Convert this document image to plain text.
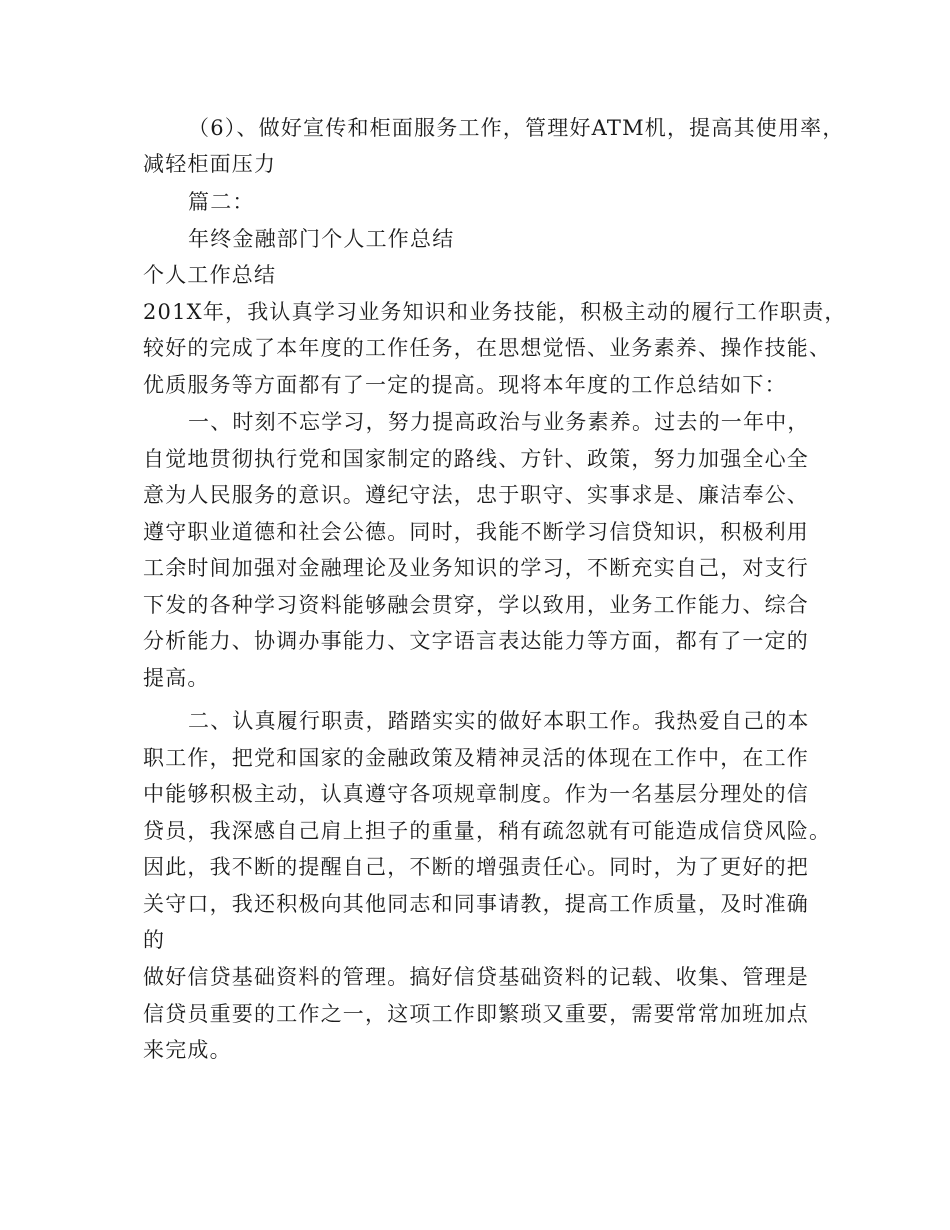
（6）、做好宣传和柜面服务工作，管理好ATM机，提高其使用率，
减轻柜面压力
篇二：
年终金融部门个人工作总结
个人工作总结
201X年，我认真学习业务知识和业务技能，积极主动的履行工作职责，
较好的完成了本年度的工作任务，在思想觉悟、业务素养、操作技能、
优质服务等方面都有了一定的提高。现将本年度的工作总结如下：
一、时刻不忘学习，努力提高政治与业务素养。过去的一年中，
自觉地贯彻执行党和国家制定的路线、方针、政策，努力加强全心全
意为人民服务的意识。遵纪守法，忠于职守、实事求是、廉洁奉公、
遵守职业道德和社会公德。同时，我能不断学习信贷知识，积极利用
工余时间加强对金融理论及业务知识的学习，不断充实自己，对支行
下发的各种学习资料能够融会贯穿，学以致用，业务工作能力、综合
分析能力、协调办事能力、文字语言表达能力等方面，都有了一定的
提高。
二、认真履行职责，踏踏实实的做好本职工作。我热爱自己的本
职工作，把党和国家的金融政策及精神灵活的体现在工作中，在工作
中能够积极主动，认真遵守各项规章制度。作为一名基层分理处的信
贷员，我深感自己肩上担子的重量，稍有疏忽就有可能造成信贷风险。
因此，我不断的提醒自己，不断的增强责任心。同时，为了更好的把
关守口，我还积极向其他同志和同事请教，提高工作质量，及时准确
的
做好信贷基础资料的管理。搞好信贷基础资料的记载、收集、管理是
信贷员重要的工作之一，这项工作即繁琐又重要，需要常常加班加点
来完成。
